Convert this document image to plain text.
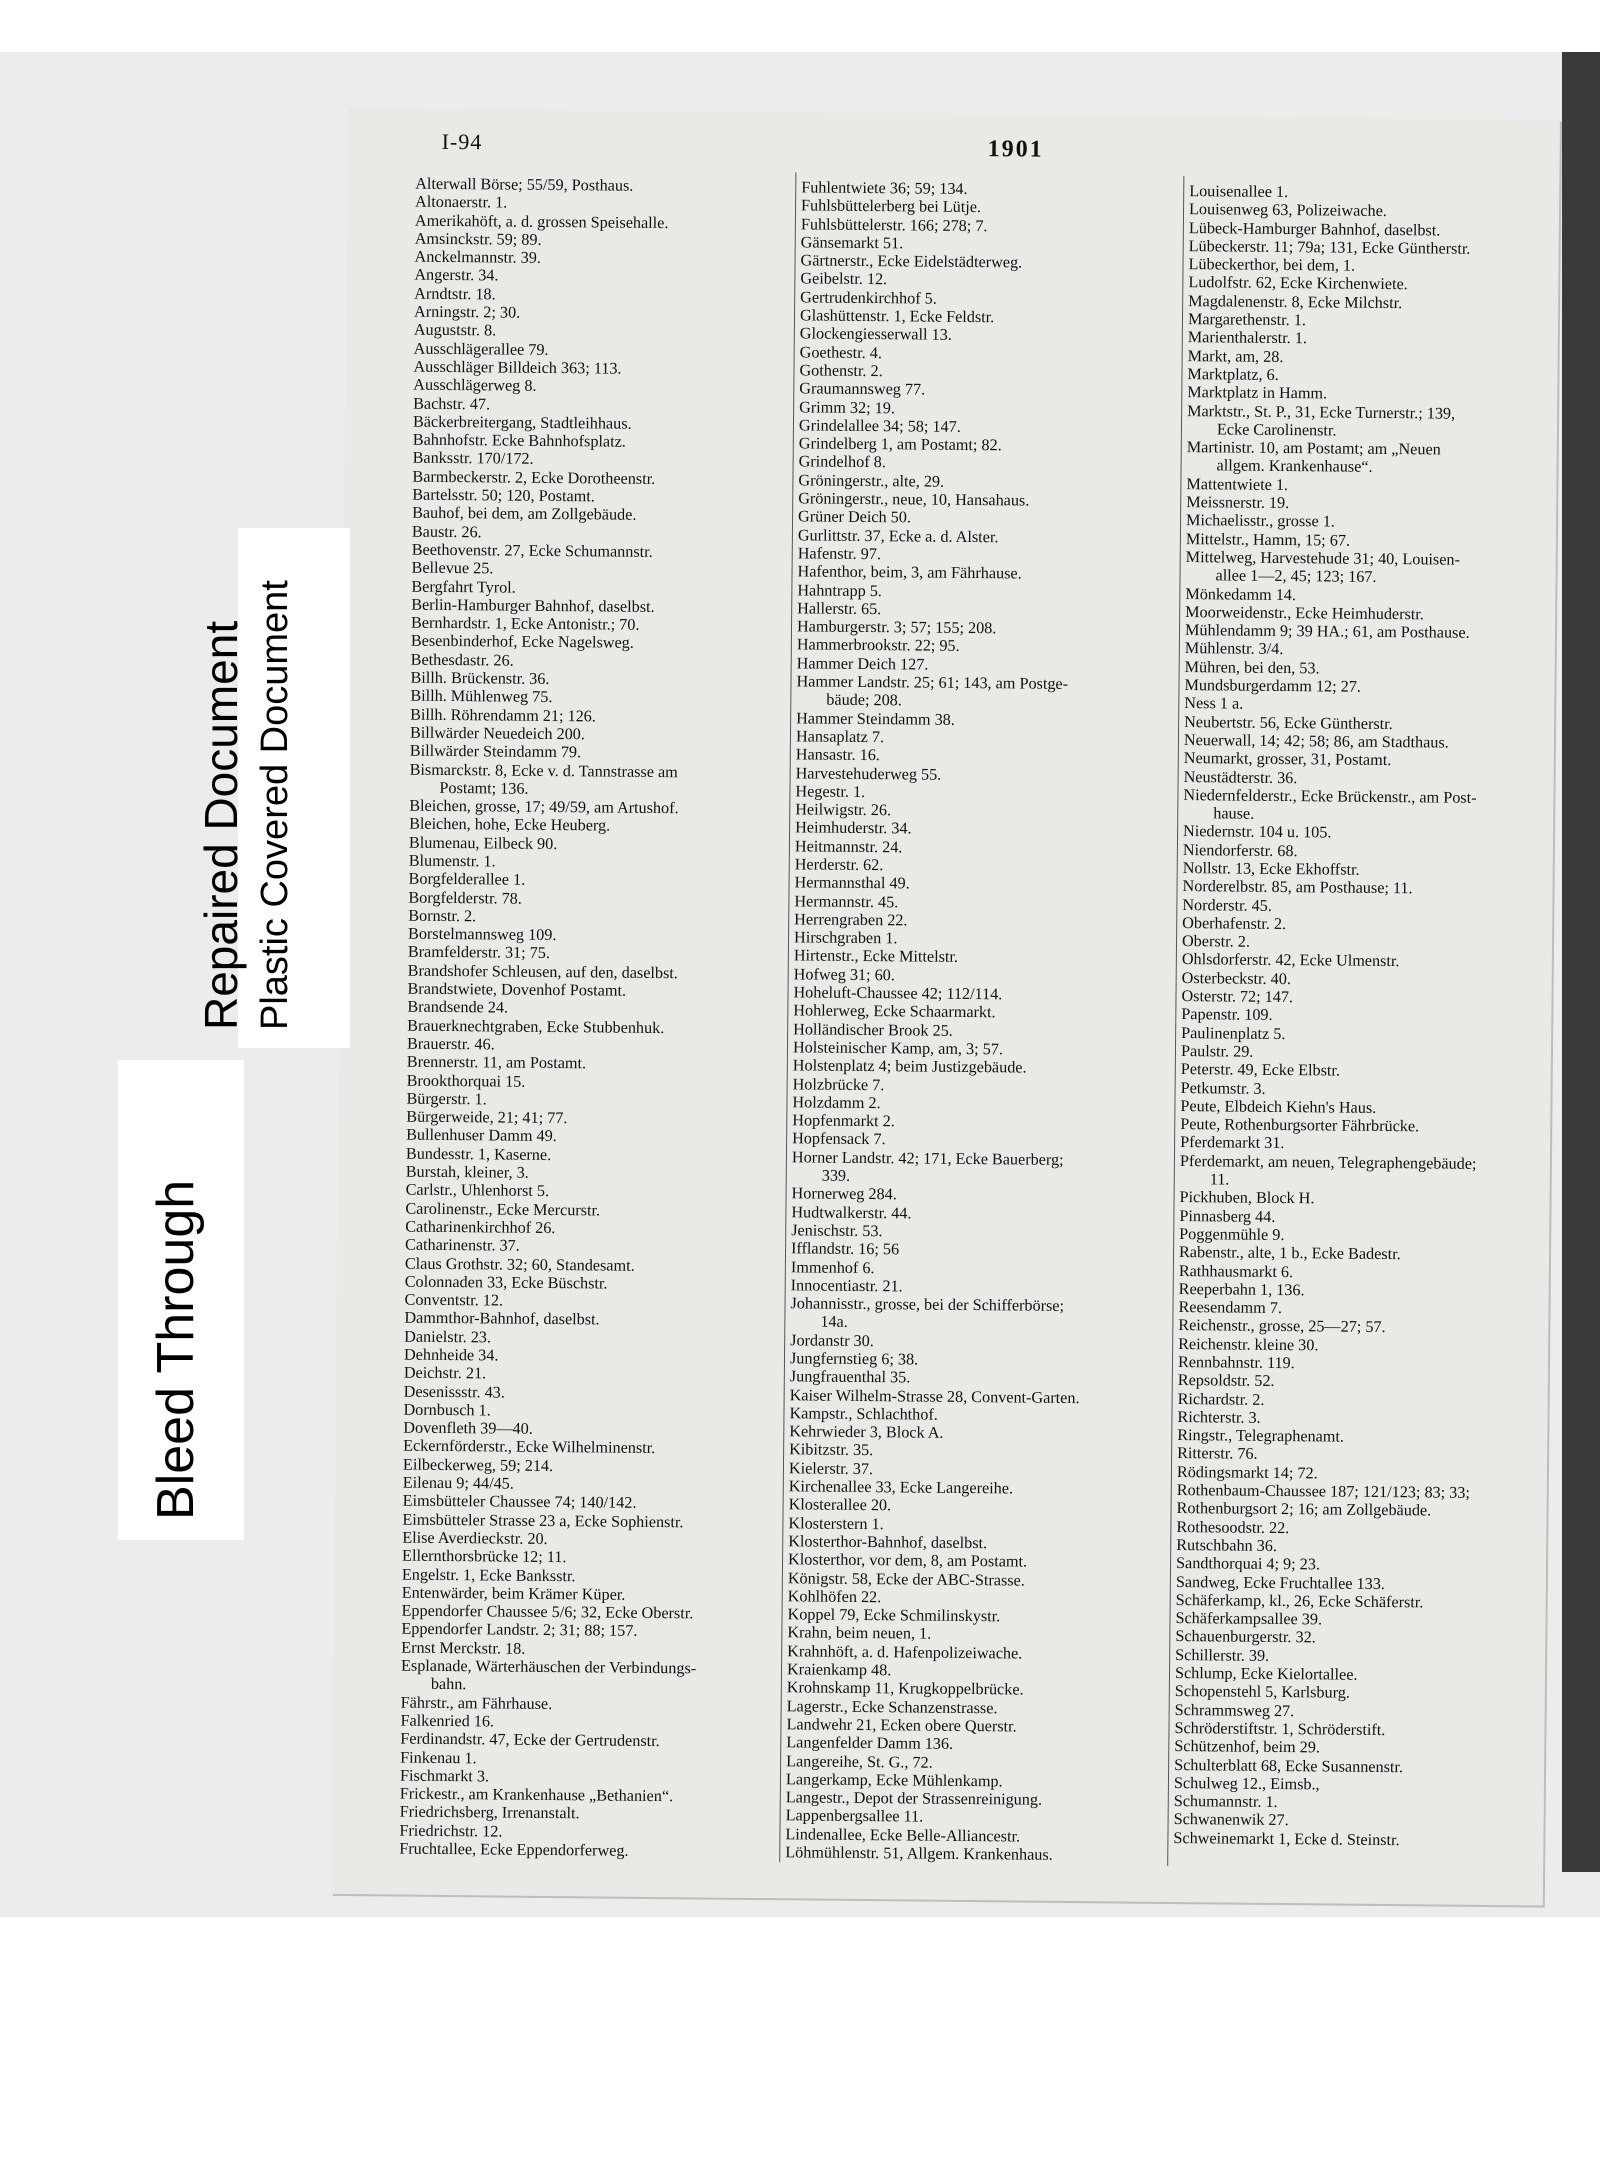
I-94	1901
Alterwall Börse; 55/59, Posthaus.
Altonaerstr. 1.
Amerikahöft, a. d. grossen Speisehalle.
Amsinckstr. 59; 89.
Anckelmannstr. 39.
Angerstr. 34.
Arndtstr. 18.
Arningstr. 2; 30.
Auguststr. 8.
Ausschlägerallee 79.
Ausschläger Billdeich 363; 113.
Ausschlägerweg 8.
Bachstr. 47.
Bäckerbreitergang, Stadtleihhaus.
Bahnhofstr. Ecke Bahnhofsplatz.
Banksstr. 170/172.
Barmbeckerstr. 2, Ecke Dorotheenstr.
Bartelsstr. 50; 120, Postamt.
Bauhof, bei dem, am Zollgebäude.
Baustr. 26.
Beethovenstr. 27, Ecke Schumannstr.
Bellevue 25.
Bergfahrt Tyrol.
Berlin-Hamburger Bahnhof, daselbst.
Bernhardstr. 1, Ecke Antonistr.; 70.
Besenbinderhof, Ecke Nagelsweg.
Bethesdastr. 26.
Billh. Brückenstr. 36.
Billh. Mühlenweg 75.
Billh. Röhrendamm 21; 126.
Billwärder Neuedeich 200.
Billwärder Steindamm 79.
Bismarckstr. 8, Ecke v. d. Tannstrasse am
Postamt; 136.
Bleichen, grosse, 17; 49/59, am Artushof.
Bleichen, hohe, Ecke Heuberg.
Blumenau, Eilbeck 90.
Blumenstr. 1.
Borgfelderallee 1.
Borgfelderstr. 78.
Bornstr. 2.
Borstelmannsweg 109.
Bramfelderstr. 31; 75.
Brandshofer Schleusen, auf den, daselbst.
Brandstwiete, Dovenhof Postamt.
Brandsende 24.
Brauerknechtgraben, Ecke Stubbenhuk.
Brauerstr. 46.
Brennerstr. 11, am Postamt.
Brookthorquai 15.
Bürgerstr. 1.
Bürgerweide, 21; 41; 77.
Bullenhuser Damm 49.
Bundesstr. 1, Kaserne.
Burstah, kleiner, 3.
Carlstr., Uhlenhorst 5.
Carolinenstr., Ecke Mercurstr.
Catharinenkirchhof 26.
Catharinenstr. 37.
Claus Grothstr. 32; 60, Standesamt.
Colonnaden 33, Ecke Büschstr.
Conventstr. 12.
Dammthor-Bahnhof, daselbst.
Danielstr. 23.
Dehnheide 34.
Deichstr. 21.
Desenissstr. 43.
Dornbusch 1.
Dovenfleth 39—40.
Eckernförderstr., Ecke Wilhelminenstr.
Eilbeckerweg, 59; 214.
Eilenau 9; 44/45.
Eimsbütteler Chaussee 74; 140/142.
Eimsbütteler Strasse 23 a, Ecke Sophienstr.
Elise Averdieckstr. 20.
Ellernthorsbrücke 12; 11.
Engelstr. 1, Ecke Banksstr.
Entenwärder, beim Krämer Küper.
Eppendorfer Chaussee 5/6; 32, Ecke Oberstr.
Eppendorfer Landstr. 2; 31; 88; 157.
Ernst Merckstr. 18.
Esplanade, Wärterhäuschen der Verbindungs-
bahn.
Fährstr., am Fährhause.
Falkenried 16.
Ferdinandstr. 47, Ecke der Gertrudenstr.
Finkenau 1.
Fischmarkt 3.
Frickestr., am Krankenhause „Bethanien“.
Friedrichsberg, Irrenanstalt.
Friedrichstr. 12.
Fruchtallee, Ecke Eppendorferweg.
Fuhlentwiete 36; 59; 134.
Fuhlsbüttelerberg bei Lütje.
Fuhlsbüttelerstr. 166; 278; 7.
Gänsemarkt 51.
Gärtnerstr., Ecke Eidelstädterweg.
Geibelstr. 12.
Gertrudenkirchhof 5.
Glashüttenstr. 1, Ecke Feldstr.
Glockengiesserwall 13.
Goethestr. 4.
Gothenstr. 2.
Graumannsweg 77.
Grimm 32; 19.
Grindelallee 34; 58; 147.
Grindelberg 1, am Postamt; 82.
Grindelhof 8.
Gröningerstr., alte, 29.
Gröningerstr., neue, 10, Hansahaus.
Grüner Deich 50.
Gurlittstr. 37, Ecke a. d. Alster.
Hafenstr. 97.
Hafenthor, beim, 3, am Fährhause.
Hahntrapp 5.
Hallerstr. 65.
Hamburgerstr. 3; 57; 155; 208.
Hammerbrookstr. 22; 95.
Hammer Deich 127.
Hammer Landstr. 25; 61; 143, am Postge-
bäude; 208.
Hammer Steindamm 38.
Hansaplatz 7.
Hansastr. 16.
Harvestehuderweg 55.
Hegestr. 1.
Heilwigstr. 26.
Heimhuderstr. 34.
Heitmannstr. 24.
Herderstr. 62.
Hermannsthal 49.
Hermannstr. 45.
Herrengraben 22.
Hirschgraben 1.
Hirtenstr., Ecke Mittelstr.
Hofweg 31; 60.
Hoheluft-Chaussee 42; 112/114.
Hohlerweg, Ecke Schaarmarkt.
Holländischer Brook 25.
Holsteinischer Kamp, am, 3; 57.
Holstenplatz 4; beim Justizgebäude.
Holzbrücke 7.
Holzdamm 2.
Hopfenmarkt 2.
Hopfensack 7.
Horner Landstr. 42; 171, Ecke Bauerberg;
339.
Hornerweg 284.
Hudtwalkerstr. 44.
Jenischstr. 53.
Ifflandstr. 16; 56
Immenhof 6.
Innocentiastr. 21.
Johannisstr., grosse, bei der Schifferbörse;
14a.
Jordanstr 30.
Jungfernstieg 6; 38.
Jungfrauenthal 35.
Kaiser Wilhelm-Strasse 28, Convent-Garten.
Kampstr., Schlachthof.
Kehrwieder 3, Block A.
Kibitzstr. 35.
Kielerstr. 37.
Kirchenallee 33, Ecke Langereihe.
Klosterallee 20.
Klosterstern 1.
Klosterthor-Bahnhof, daselbst.
Klosterthor, vor dem, 8, am Postamt.
Königstr. 58, Ecke der ABC-Strasse.
Kohlhöfen 22.
Koppel 79, Ecke Schmilinskystr.
Krahn, beim neuen, 1.
Krahnhöft, a. d. Hafenpolizeiwache.
Kraienkamp 48.
Krohnskamp 11, Krugkoppelbrücke.
Lagerstr., Ecke Schanzenstrasse.
Landwehr 21, Ecken obere Querstr.
Langenfelder Damm 136.
Langereihe, St. G., 72.
Langerkamp, Ecke Mühlenkamp.
Langestr., Depot der Strassenreinigung.
Lappenbergsallee 11.
Lindenallee, Ecke Belle-Alliancestr.
Löhmühlenstr. 51, Allgem. Krankenhaus.
Louisenallee 1.
Louisenweg 63, Polizeiwache.
Lübeck-Hamburger Bahnhof, daselbst.
Lübeckerstr. 11; 79a; 131, Ecke Güntherstr.
Lübeckerthor, bei dem, 1.
Ludolfstr. 62, Ecke Kirchenwiete.
Magdalenenstr. 8, Ecke Milchstr.
Margarethenstr. 1.
Marienthalerstr. 1.
Markt, am, 28.
Marktplatz, 6.
Marktplatz in Hamm.
Marktstr., St. P., 31, Ecke Turnerstr.; 139,
Ecke Carolinenstr.
Martinistr. 10, am Postamt; am „Neuen
allgem. Krankenhause“.
Mattentwiete 1.
Meissnerstr. 19.
Michaelisstr., grosse 1.
Mittelstr., Hamm, 15; 67.
Mittelweg, Harvestehude 31; 40, Louisen-
allee 1—2, 45; 123; 167.
Mönkedamm 14.
Moorweidenstr., Ecke Heimhuderstr.
Mühlendamm 9; 39 HA.; 61, am Posthause.
Mühlenstr. 3/4.
Mühren, bei den, 53.
Mundsburgerdamm 12; 27.
Ness 1 a.
Neubertstr. 56, Ecke Güntherstr.
Neuerwall, 14; 42; 58; 86, am Stadthaus.
Neumarkt, grosser, 31, Postamt.
Neustädterstr. 36.
Niedernfelderstr., Ecke Brückenstr., am Post-
hause.
Niedernstr. 104 u. 105.
Niendorferstr. 68.
Nollstr. 13, Ecke Ekhoffstr.
Norderelbstr. 85, am Posthause; 11.
Norderstr. 45.
Oberhafenstr. 2.
Oberstr. 2.
Ohlsdorferstr. 42, Ecke Ulmenstr.
Osterbeckstr. 40.
Osterstr. 72; 147.
Papenstr. 109.
Paulinenplatz 5.
Paulstr. 29.
Peterstr. 49, Ecke Elbstr.
Petkumstr. 3.
Peute, Elbdeich Kiehn's Haus.
Peute, Rothenburgsorter Fährbrücke.
Pferdemarkt 31.
Pferdemarkt, am neuen, Telegraphengebäude;
11.
Pickhuben, Block H.
Pinnasberg 44.
Poggenmühle 9.
Rabenstr., alte, 1 b., Ecke Badestr.
Rathhausmarkt 6.
Reeperbahn 1, 136.
Reesendamm 7.
Reichenstr., grosse, 25—27; 57.
Reichenstr. kleine 30.
Rennbahnstr. 119.
Repsoldstr. 52.
Richardstr. 2.
Richterstr. 3.
Ringstr., Telegraphenamt.
Ritterstr. 76.
Rödingsmarkt 14; 72.
Rothenbaum-Chaussee 187; 121/123; 83; 33;
Rothenburgsort 2; 16; am Zollgebäude.
Rothesoodstr. 22.
Rutschbahn 36.
Sandthorquai 4; 9; 23.
Sandweg, Ecke Fruchtallee 133.
Schäferkamp, kl., 26, Ecke Schäferstr.
Schäferkampsallee 39.
Schauenburgerstr. 32.
Schillerstr. 39.
Schlump, Ecke Kielortallee.
Schopenstehl 5, Karlsburg.
Schrammsweg 27.
Schröderstiftstr. 1, Schröderstift.
Schützenhof, beim 29.
Schulterblatt 68, Ecke Susannenstr.
Schulweg 12., Eimsb.,
Schumannstr. 1.
Schwanenwik 27.
Schweinemarkt 1, Ecke d. Steinstr.
Bleed Through
Repaired Document Plastic Covered Document
